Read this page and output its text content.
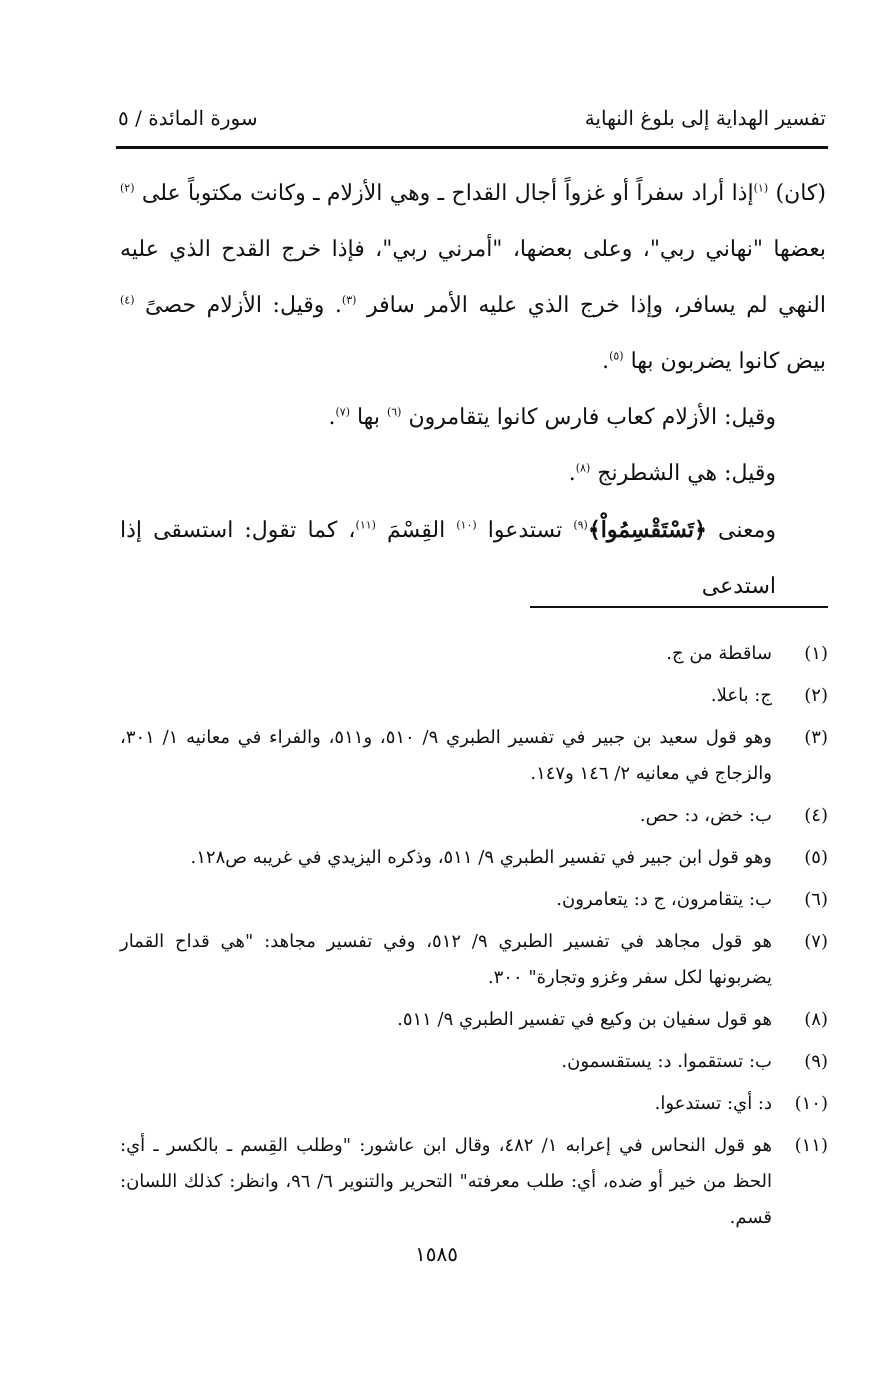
تفسير الهداية إلى بلوغ النهاية
سورة المائدة / ٥

(كان) $^{(١)}$إذا أراد سفراً أو غزواً أجال القداح ـ وهي الأزلام ـ وكانت مكتوباً على $^{(٢)}$ بعضها "نهاني ربي"، وعلى بعضها، "أمرني ربي"، فإذا خرج القدح الذي عليه النهي لم يسافر، وإذا خرج الذي عليه الأمر سافر $^{(٣)}$. وقيل: الأزلام حصىً $^{(٤)}$ بيض كانوا يضربون بها $^{(٥)}$.

وقيل: الأزلام كعاب فارس كانوا يتقامرون $^{(٦)}$ بها $^{(٧)}$.

وقيل: هي الشطرنج $^{(٨)}$.

ومعنى ﴿تَسْتَقْسِمُواْ﴾$^{(٩)}$ تستدعوا $^{(١٠)}$ القِسْمَ $^{(١١)}$، كما تقول: استسقى إذا استدعى

(١)
ساقطة من ج.
(٢)
ج: باعلا.
(٣)
وهو قول سعيد بن جبير في تفسير الطبري ٩/ ٥١٠، و٥١١، والفراء في معانيه ١/ ٣٠١، والزجاج في معانيه ٢/ ١٤٦ و١٤٧.
(٤)
ب: خض، د: حص.
(٥)
وهو قول ابن جبير في تفسير الطبري ٩/ ٥١١، وذكره اليزيدي في غريبه ص١٢٨.
(٦)
ب: يتقامرون، ج د: يتعامرون.
(٧)
هو قول مجاهد في تفسير الطبري ٩/ ٥١٢، وفي تفسير مجاهد: "هي قداح القمار يضربونها لكل سفر وغزو وتجارة" ٣٠٠.
(٨)
هو قول سفيان بن وكيع في تفسير الطبري ٩/ ٥١١.
(٩)
ب: تستقموا. د: يستقسمون.
(١٠)
د: أي: تستدعوا.
(١١)
هو قول النحاس في إعرابه ١/ ٤٨٢، وقال ابن عاشور: "وطلب القِسم ـ بالكسر ـ أي: الحظ من خير أو ضده، أي: طلب معرفته" التحرير والتنوير ٦/ ٩٦، وانظر: كذلك اللسان: قسم.
١٥٨٥
